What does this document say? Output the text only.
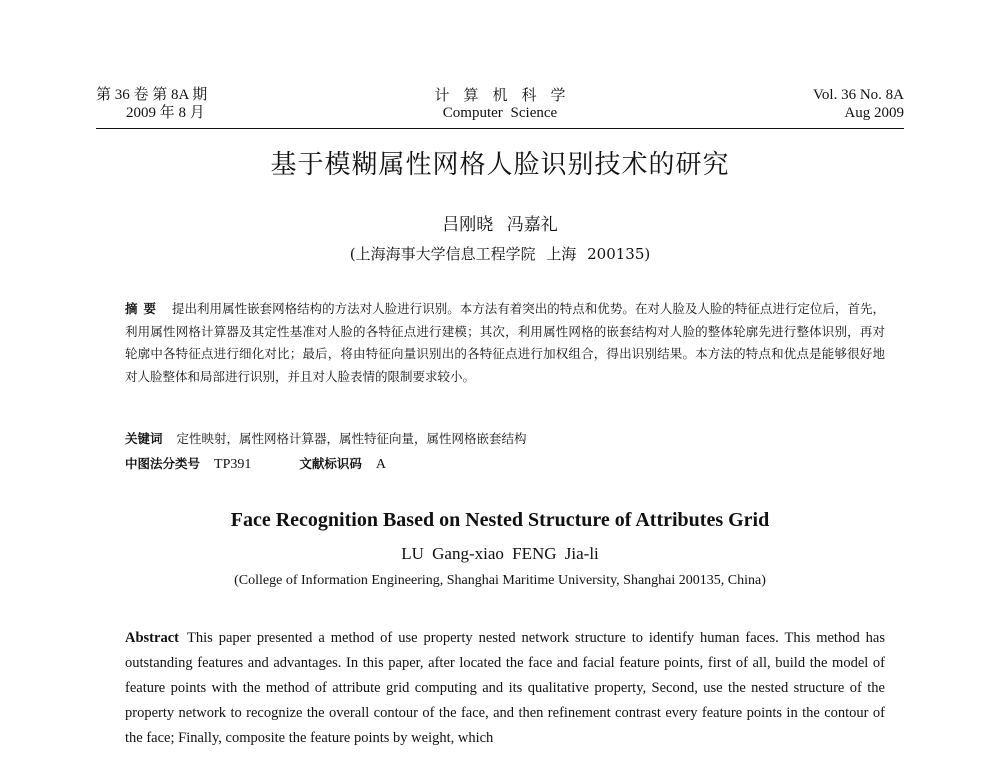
第 36 卷 第 8A 期
2009 年 8 月
计算机科学
Computer Science
Vol. 36 No. 8A
Aug 2009
基于模糊属性网格人脸识别技术的研究
吕刚晓 冯嘉礼
(上海海事大学信息工程学院 上海 200135)
摘要 提出利用属性嵌套网格结构的方法对人脸进行识别。本方法有着突出的特点和优势。在对人脸及人脸的特征点进行定位后，首先，利用属性网格计算器及其定性基准对人脸的各特征点进行建模；其次，利用属性网格的嵌套结构对人脸的整体轮廓先进行整体识别，再对轮廓中各特征点进行细化对比；最后，将由特征向量识别出的各特征点进行加权组合，得出识别结果。本方法的特点和优点是能够很好地对人脸整体和局部进行识别，并且对人脸表情的限制要求较小。
关键词 定性映射，属性网格计算器，属性特征向量，属性网格嵌套结构
中图法分类号 TP391	文献标识码 A
Face Recognition Based on Nested Structure of Attributes Grid
LU Gang-xiao FENG Jia-li
(College of Information Engineering, Shanghai Maritime University, Shanghai 200135, China)
Abstract This paper presented a method of use property nested network structure to identify human faces. This method has outstanding features and advantages. In this paper, after located the face and facial feature points, first of all, build the model of feature points with the method of attribute grid computing and its qualitative property, Second, use the nested structure of the property network to recognize the overall contour of the face, and then refinement contrast every feature points in the contour of the face; Finally, composite the feature points by weight, which
